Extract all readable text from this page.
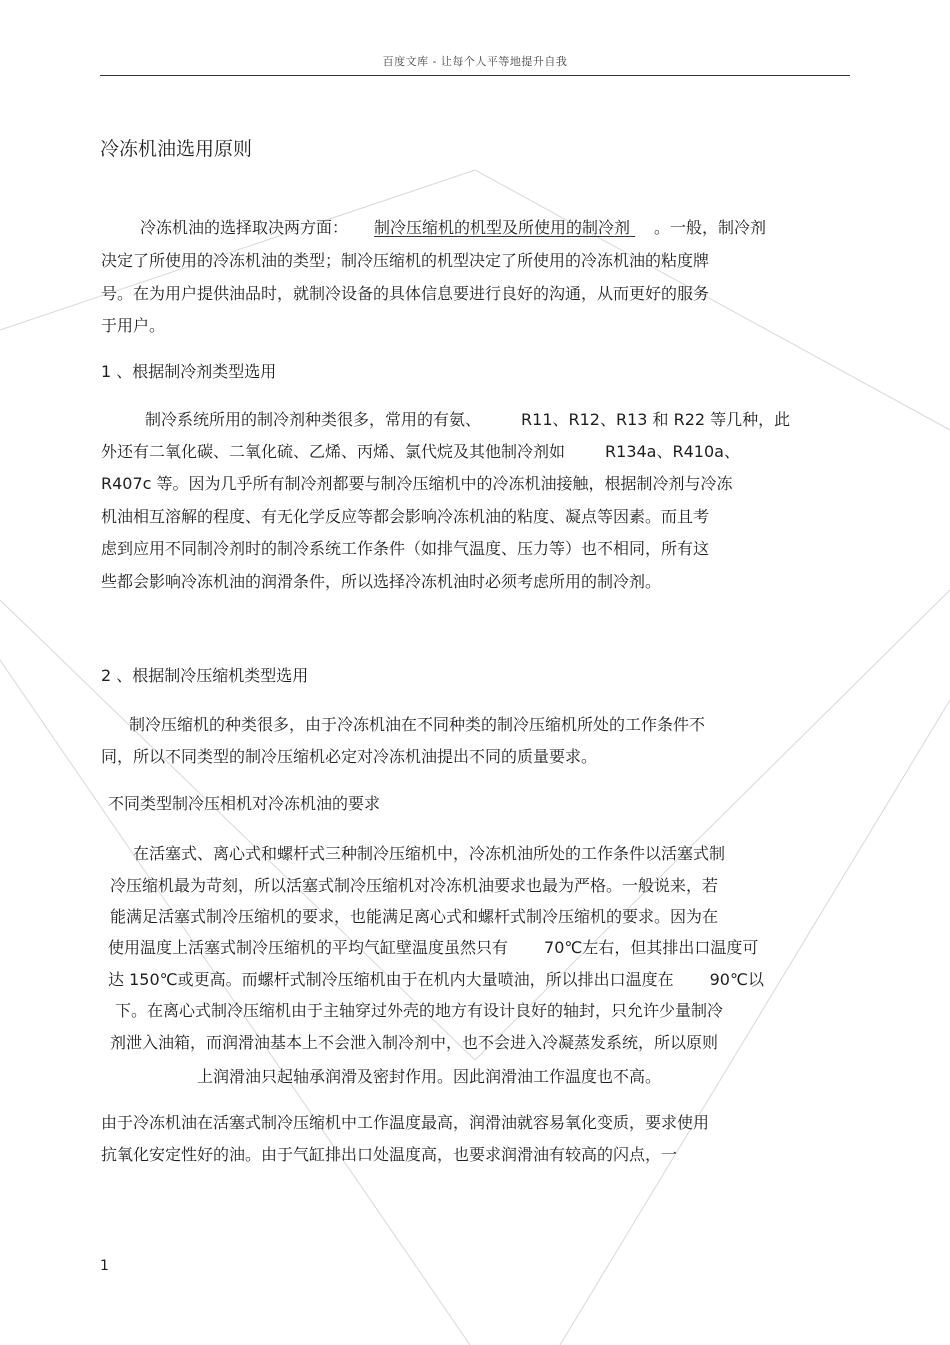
百度文库 - 让每个人平等地提升自我
冷冻机油选用原则
冷冻机油的选择取决两方面： 制冷压缩机的机型及所使用的制冷剂 。一般，制冷剂
决定了所使用的冷冻机油的类型；制冷压缩机的机型决定了所使用的冷冻机油的粘度牌
号。在为用户提供油品时，就制冷设备的具体信息要进行良好的沟通，从而更好的服务
于用户。
1 、根据制冷剂类型选用
制冷系统所用的制冷剂种类很多，常用的有氨、	R11、R12、R13 和 R22 等几种，此
外还有二氧化碳、二氧化硫、乙烯、丙烯、氯代烷及其他制冷剂如	R134a、R410a、
R407c 等。因为几乎所有制冷剂都要与制冷压缩机中的冷冻机油接触，根据制冷剂与冷冻
机油相互溶解的程度、有无化学反应等都会影响冷冻机油的粘度、凝点等因素。而且考
虑到应用不同制冷剂时的制冷系统工作条件（如排气温度、压力等）也不相同，所有这
些都会影响冷冻机油的润滑条件，所以选择冷冻机油时必须考虑所用的制冷剂。
2 、根据制冷压缩机类型选用
制冷压缩机的种类很多，由于冷冻机油在不同种类的制冷压缩机所处的工作条件不
同，所以不同类型的制冷压缩机必定对冷冻机油提出不同的质量要求。
不同类型制冷压相机对冷冻机油的要求
在活塞式、离心式和螺杆式三种制冷压缩机中，冷冻机油所处的工作条件以活塞式制
冷压缩机最为苛刻，所以活塞式制冷压缩机对冷冻机油要求也最为严格。一般说来，若
能满足活塞式制冷压缩机的要求，也能满足离心式和螺杆式制冷压缩机的要求。因为在
使用温度上活塞式制冷压缩机的平均气缸壁温度虽然只有 70℃左右，但其排出口温度可
达 150℃或更高。而螺杆式制冷压缩机由于在机内大量喷油，所以排出口温度在 90℃以
下。在离心式制冷压缩机由于主轴穿过外壳的地方有设计良好的轴封，只允许少量制冷
剂泄入油箱，而润滑油基本上不会泄入制冷剂中，也不会进入冷凝蒸发系统，所以原则
上润滑油只起轴承润滑及密封作用。因此润滑油工作温度也不高。
由于冷冻机油在活塞式制冷压缩机中工作温度最高，润滑油就容易氧化变质，要求使用
抗氧化安定性好的油。由于气缸排出口处温度高，也要求润滑油有较高的闪点，一
1
